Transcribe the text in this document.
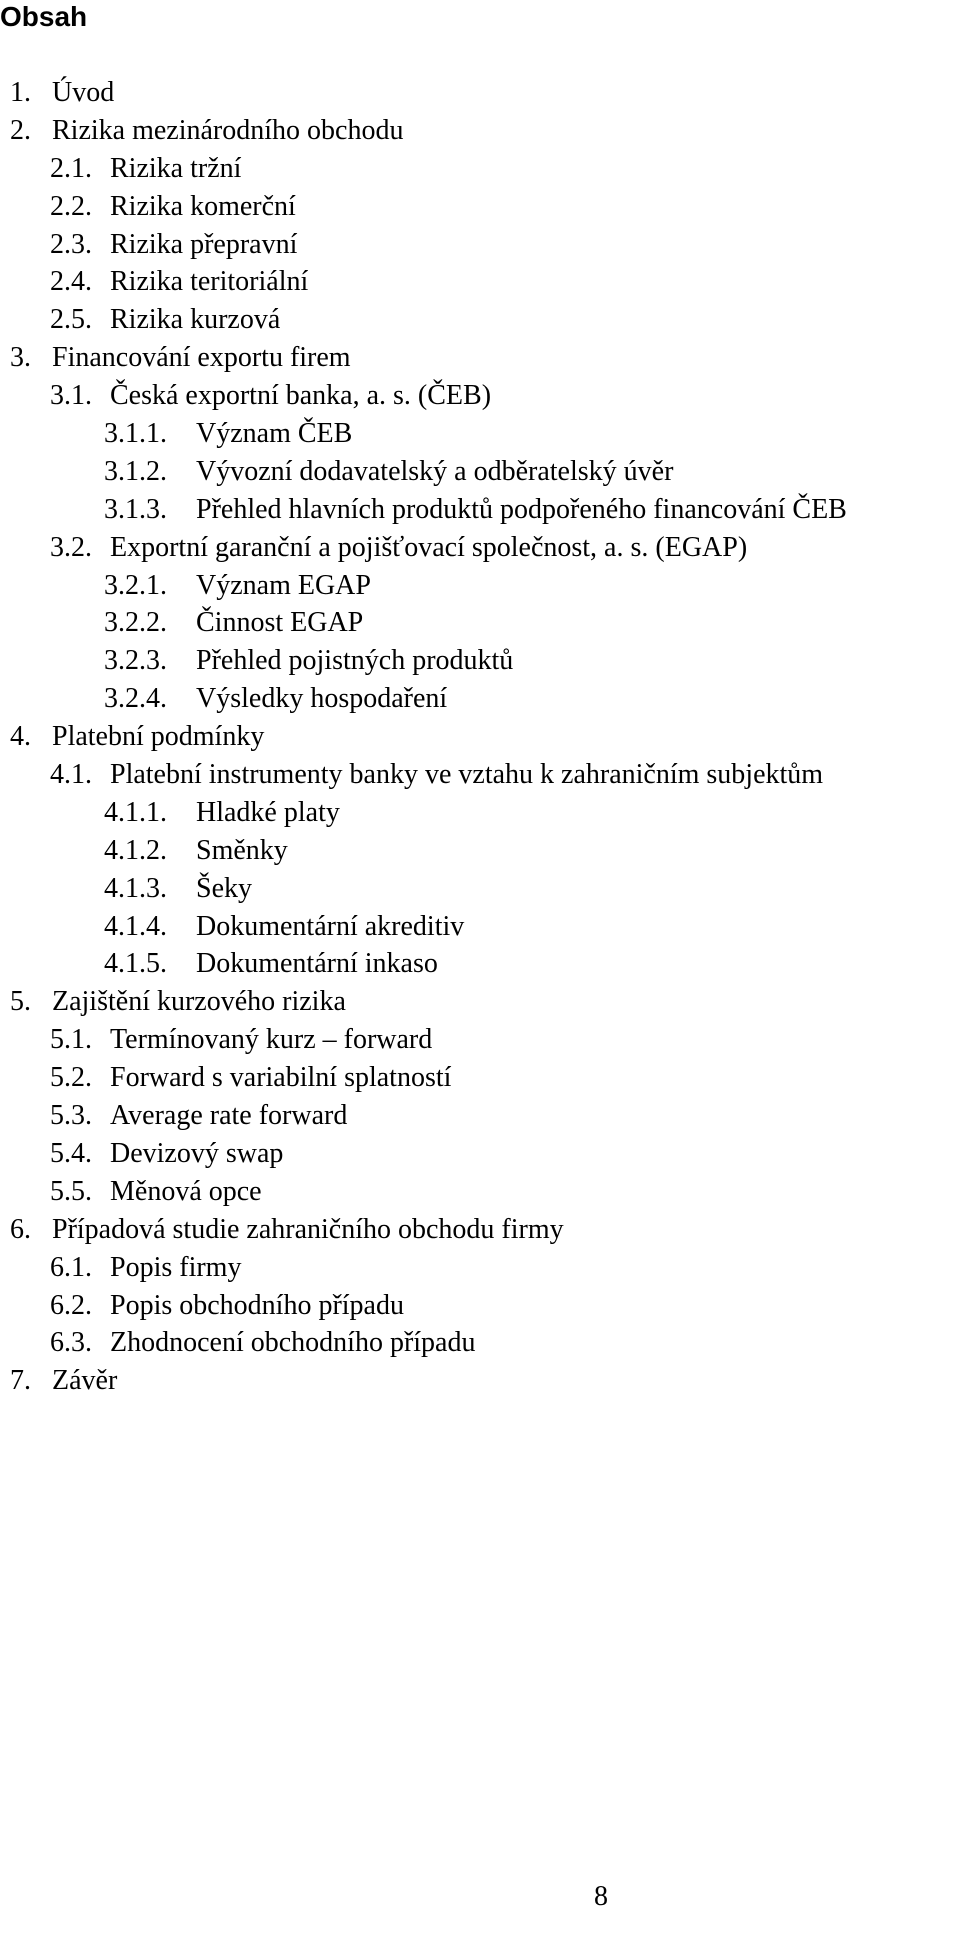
Obsah
1. Úvod
2. Rizika mezinárodního obchodu
2.1. Rizika tržní
2.2. Rizika komerční
2.3. Rizika přepravní
2.4. Rizika teritoriální
2.5. Rizika kurzová
3. Financování exportu firem
3.1. Česká exportní banka, a. s. (ČEB)
3.1.1. Význam ČEB
3.1.2. Vývozní dodavatelský a odběratelský úvěr
3.1.3. Přehled hlavních produktů podpořeného financování ČEB
3.2. Exportní garanční a pojišťovací společnost, a. s. (EGAP)
3.2.1. Význam EGAP
3.2.2. Činnost EGAP
3.2.3. Přehled pojistných produktů
3.2.4. Výsledky hospodaření
4. Platební podmínky
4.1. Platební instrumenty banky ve vztahu k zahraničním subjektům
4.1.1. Hladké platy
4.1.2. Směnky
4.1.3. Šeky
4.1.4. Dokumentární akreditiv
4.1.5. Dokumentární inkaso
5. Zajištění kurzového rizika
5.1. Termínovaný kurz – forward
5.2. Forward s variabilní splatností
5.3. Average rate forward
5.4. Devizový swap
5.5. Měnová opce
6. Případová studie zahraničního obchodu firmy
6.1. Popis firmy
6.2. Popis obchodního případu
6.3. Zhodnocení obchodního případu
7. Závěr
8
